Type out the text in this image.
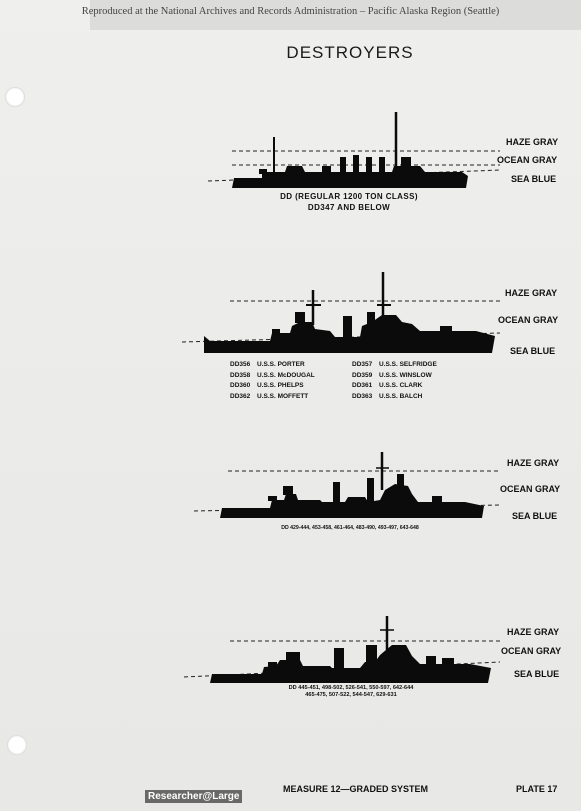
Reproduced at the National Archives and Records Administration – Pacific Alaska Region (Seattle)
DESTROYERS
HAZE GRAY
OCEAN GRAY
SEA BLUE
DD (REGULAR 1200 TON CLASS)
DD347 AND BELOW
HAZE GRAY
OCEAN GRAY
SEA BLUE
DD356 U.S.S. PORTER
DD358 U.S.S. McDOUGAL
DD360 U.S.S. PHELPS
DD362 U.S.S. MOFFETT
DD357 U.S.S. SELFRIDGE
DD359 U.S.S. WINSLOW
DD361 U.S.S. CLARK
DD363 U.S.S. BALCH
HAZE GRAY
OCEAN GRAY
SEA BLUE
DD 429-444, 453-458, 461-464, 483-490, 493-497, 643-648
HAZE GRAY
OCEAN GRAY
SEA BLUE
DD 445-451, 498-502, 526-541, 550-597, 642-644
465-475, 507-522, 544-547, 629-631
MEASURE 12—GRADED SYSTEM	PLATE 17
Researcher@Large
